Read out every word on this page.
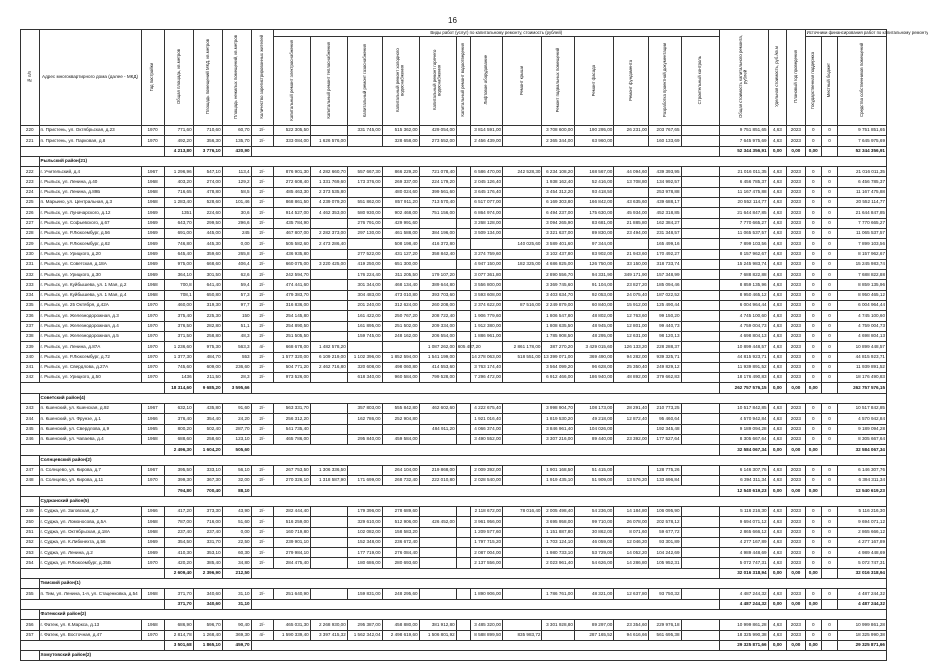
16
№ п/п	Адрес многоквартирного дома (далее - МКД)	Год постройки	Общая площадь, кв.метров	Площадь помещений МКД, кв.метров	Площадь нежилых помещений, кв.метров	Количество зарегистрированных жителей	Виды работ (услуг) по капитальному ремонту, стоимость (рублей)													Общая стоимость капитального ремонта, рублей	Удельная стоимость, руб./кв.м	Плановый год проведения	Источники финансирования работ по капитальному ремонту		
							Капитальный ремонт электроснабжения	Капитальный ремонт теплоснабжения	Капитальный ремонт газоснабжения	Капитальный ремонт холодного водоснабжения	Капитальный ремонт горячего водоснабжения	Капитальный ремонт водоотведения	Лифтовое оборудование	Ремонт крыши	Ремонт подвальных помещений	Ремонт фасада	Ремонт фундамента	Разработка проектной документации	Строительный контроль				Государственная поддержка	Местный бюджет	Средства собственников помещений
220	п. Пристень, ул. Октябрьская, д.23	1970	771,60	710,60	60,70	2/-	522 305,50		331 745,00	515 362,00	429 054,00		3 814 591,00		3 708 600,00	190 295,00	26 231,00	203 767,65		9 751 851,65	4,63	2023	0	0	9 751 851,65
221	п. Пристень, ул. Парковая, д.8	1970	492,20	356,30	135,70	2/-	333 084,00	1 626 576,00		328 658,00	273 552,00		2 456 439,00		2 365 344,00	63 960,00		160 133,69		7 645 975,69	4,63	2023	0	0	7 645 975,69
			4 213,80	3 776,10	420,90															52 344 356,91	0,00	0,00	0,00		52 344 356,91
	Рыльский район(21)																								
222	г. Учительский, д.4	1967	1 296,96	547,10	113,4	2/-	876 901,30	4 282 660,70	557 667,30	866 229,20	721 078,40		6 586 470,00	242 528,30	6 234 108,20	168 567,00	44 094,60	439 393,95		21 016 011,35	4,63	2023	0	0	21 016 011,35
223	г. Рыльск, ул. Ленина, д.40	1968	403,20	274,00	129,2	2/-	272 608,40	1 331 769,60	173 376,00	269 337,00	224 179,20		2 045 126,40		1 938 162,40	52 416,00	13 708,80	134 992,57		6 456 785,37	4,63	2023	0	0	6 456 785,37
224	г. Рыльск, ул. Ленина, д.89Б	1968	716,65	478,80	58,5	2/-	485 463,30	2 373 535,80		480 024,60	399 561,60		3 645 176,40		3 454 312,20	93 418,50		253 978,88		11 167 475,88	4,63	2023	0	0	11 167 475,88
225	п. Марьино, ул. Центральная, д.3	1968	1 283,40	528,60	101,46	2/-	868 861,50	4 239 079,20	551 862,00	857 911,20	713 570,40		6 517 077,00		6 169 303,80	166 842,00	43 635,60	439 688,17		20 552 114,77	4,63	2023	0	0	20 552 114,77
226	г. Рыльск, ул. Луначарского, д.12	1969	1351	224,60	30,6	2/-	914 527,00	4 462 353,00	580 930,00	902 468,00	751 156,00		6 864 974,00		6 494 237,00	175 630,00	45 934,00	452 318,85		21 644 847,85	4,63	2023	0	0	21 644 847,85
227	г. Рыльск, ул. Софьевского, д.67	1969	643,70	299,50	296,6	2/-	435 784,90		276 791,00	429 991,60			3 268 128,00		3 094 265,90	83 681,00	21 885,80	162 384,27		7 770 665,27	4,63	2023	0	0	7 770 665,27
228	г. Рыльск, ул. Р.Люксембург, д.56	1969	691,00	445,00	245	2/-	467 807,00	2 282 373,00	297 130,00	461 588,00	384 196,00		3 509 134,00		3 321 637,00	89 830,00	23 494,00	231 348,57		11 065 537,57	4,63	2023	0	0	11 065 537,57
229	г. Рыльск, ул. Р.Люксембург, д.62	1969	746,80	445,30	0,00	2/-	505 582,60	2 473 286,40		508 198,40	416 372,80			140 025,60	3 589 401,60	97 344,00		165 499,16		7 899 103,56	4,63	2023	0	0	7 899 103,56
230	г. Рыльск, ул. Урицкого, д.20	1969	645,40	359,60	265,8	2/-	436 935,80		277 522,00	431 127,20	358 842,40		3 274 759,60		3 102 437,80	83 902,00	21 943,60	170 492,27		8 157 962,67	4,63	2023	0	0	8 157 962,67
231	г. Рыльск, ул. Советская, д.18А	1969	975,00	668,60	406,4	2/-	660 075,00	3 220 425,00	419 250,00	651 300,00			4 947 150,00	182 325,00	4 686 825,00	126 750,00	33 150,00	318 733,74		15 245 983,74	4,63	2023	0	0	15 245 983,74
232	г. Рыльск, ул. Урицкого, д.30	1969	364,10	301,50	62,6	2/-	242 594,70		176 224,40	311 205,50	179 107,20		3 077 361,80		2 890 556,70	94 331,90	349 171,90	157 348,99		7 688 822,88	4,63	2023	0	0	7 688 822,88
233	г. Рыльск, ул. Куйбышева, ул. 1 Мая, д.2	1968	700,8	641,40	59,4	2/-	474 441,60		301 344,00	468 134,40	389 644,80		3 556 800,00		3 369 745,60	91 104,00	23 827,20	185 094,46		8 859 135,96	4,63	2023	0	0	8 859 135,96
234	г. Рыльск, ул. Куйбышева, ул. 1 Мая, д.4	1968	708,1	650,80	57,3	2/-	479 383,70		304 483,00	473 010,80	393 703,60		3 593 608,00		3 403 634,70	92 053,00	24 075,40	187 022,52		8 950 465,12	4,63	2023	0	0	8 950 465,12
235	г. Рыльск, ул. 25 Октября, д.42А	1970	460,00	319,30	97,7	2/-	316 836,00		201 240,00	312 624,00	260 208,00		2 374 622,00	87 516,00	2 249 879,00	60 840,00	15 912,00	125 490,44		6 004 964,44	4,63	2023	0	0	6 004 964,44
236	г. Рыльск, ул. Железнодорожная, д.3	1970	375,40	225,30	150	2/-	254 145,80		161 422,00	250 767,20	208 722,40		1 906 779,60		1 806 547,80	48 802,00	12 763,60	99 150,20		4 745 100,60	4,63	2023	0	0	4 745 100,60
237	г. Рыльск, ул. Железнодорожная, д.4	1970	376,50	282,80	51,1	2/-	254 890,50		161 895,00	251 502,00	209 334,00		1 912 380,00		1 808 635,50	48 945,00	12 801,00	99 440,73		4 759 004,73	4,63	2023	0	0	4 759 004,73
238	г. Рыльск, ул. Железнодорожная, д.5	1970	371,50	258,80	48,3	2/-	251 505,50		159 745,00	248 162,00	206 554,00		1 886 961,00		1 785 908,50	48 295,00	12 631,00	98 120,13		4 698 804,13	4,63	2023	0	0	4 698 804,13
239	г. Рыльск, ул. Ленина, д.87А	1970	1 236,60	975,30	563,3	4/-	668 678,00	1 482 578,20			1 087 262,00	605 487,20		2 861 178,00	387 270,20	3 429 015,60	126 133,20	228 288,37		10 899 448,57	4,63	2023	0	0	10 899 448,57
240	г. Рыльск, ул. Р.Люксембург, д.72	1970	1 377,30	484,70	553	2/-	1 577 320,00	6 109 219,00	1 102 396,00	1 852 594,00	1 541 199,00		14 278 063,00	518 551,00	13 399 071,00	369 490,00	94 282,00	939 325,71		44 815 923,71	4,63	2023	0	0	44 815 923,71
241	г. Рыльск, ул. Свердлова, д.27А	1970	745,60	609,00	236,60	2/-	504 771,20	2 462 716,80	320 608,00	498 060,80	414 553,60		3 763 174,40		3 564 099,20	96 628,00	25 350,40	249 829,12		11 939 891,52	4,63	2023	0	0	11 939 891,52
242	г. Рыльск, ул. Урицкого, д.50	1970	1436	211,50	28,3	2/-	973 526,00		618 340,00	960 584,00	799 528,00		7 296 472,00		6 912 466,00	186 940,00	48 892,00	379 662,83		18 176 490,83	4,63	2023	0	0	18 176 490,83
			18 314,60	9 685,20	3 595,66															262 757 576,15	0,00	0,00	0,00		262 757 576,15
	Советский район(4)																								
243	п. Кшенский, ул. Кшенская, д.92	1967	632,10	435,80	91,60	2/-	563 331,70		357 803,00	555 842,80	462 602,60		4 222 675,40		3 998 904,70	108 173,00	28 291,40	210 773,25		10 517 842,85	4,63	2023	0	0	10 517 842,85
244	п. Кшенский, ул. Фрунзе, д.1	1966	376,40	354,40	24,20	2/-	256 312,20		162 786,00	252 904,80			1 921 016,40		1 819 530,20	49 218,00	12 872,40	95 460,64		4 570 942,84	4,63	2023	0	0	4 570 942,84
245	п. Кшенский, ул. Свердлова, д.9	1965	800,20	502,40	287,70	2/-	541 735,40				484 911,20		4 066 374,00		3 846 961,40	104 026,00		192 345,48		9 189 094,28	4,63	2023	0	0	9 189 094,28
246	п. Кшенский, ул. Чапаева, д.4	1968	688,60	258,60	123,10	2/-	465 786,00		295 840,00	459 584,00			3 490 552,00		3 307 216,00	89 440,00	23 392,00	177 527,64		8 305 667,64	4,63	2023	0	0	8 305 667,64
			2 496,30	1 604,20	505,60															32 584 067,34	0,00	0,00	0,00		32 584 067,34
	Солнцевский район(2)																								
247	п. Солнцево, ул. Кирова, д.7	1967	395,50	333,10	56,10	2/-	267 753,50	1 306 336,50		264 104,00	219 868,00		2 009 392,00		1 901 168,50	51 415,00		128 775,26		6 146 307,76	4,63	2023	0	0	6 146 307,76
248	п. Солнцево, ул. Кирова, д.11	1970	399,30	367,30	32,00	2/-	270 326,10	1 318 587,90	171 699,00	268 732,40	222 010,80		2 028 540,00		1 919 435,10	51 909,00	13 576,20	133 696,84		6 394 311,34	4,63	2023	0	0	6 394 311,34
			794,80	700,40	88,10															12 540 619,23	0,00	0,00	0,00		12 540 619,23
	Суджанский район(5)																								
249	г. Суджа, ул. Заговская, д.7	1966	417,20	373,30	43,90	2/-	282 444,40		179 396,00	278 689,60			2 118 672,00	78 016,40	2 005 498,40	54 236,00	14 184,80	106 095,90		5 116 216,30	4,63	2023	0	0	5 116 216,30
250	г. Суджа, ул. Ломоносова, д.5А	1968	787,00	716,00	51,60	2/-	516 259,00		329 610,00	512 906,00	426 452,00		3 961 956,00		3 695 958,00	99 710,00	26 078,00	202 578,12		9 694 071,12	4,63	2023	0	0	9 694 071,12
251	г. Суджа, ул. Октябрьская, д.18А	1968	237,40	237,40	0,00	2/-	160 719,80		102 082,00	158 583,20			1 209 577,60		1 151 887,80	30 862,00	8 071,60	59 677,72		2 865 666,12	4,63	2023	0	0	2 865 666,12
252	г. Суджа, ул. К.Либкнехта, д.56	1969	354,50	331,70	22,50	2/-	239 901,10		152 348,00	236 672,40			1 797 715,20		1 703 124,10	46 059,00	12 046,20	93 301,89		4 277 167,89	4,63	2023	0	0	4 277 167,89
253	г. Суджа, ул. Ленина, д.2	1969	410,30	353,10	60,30	2/-	279 984,10		177 719,00	276 084,40			2 087 004,00		1 980 733,10	53 729,00	14 052,20	104 242,69		4 989 448,69	4,63	2023	0	0	4 989 448,69
254	г. Суджа, ул. Р.Люксембург, д.35Б	1970	420,20	385,40	34,80	2/-	284 475,40		180 686,00	280 693,60			2 137 556,00		2 023 961,40	54 626,00	14 286,80	105 952,31		5 072 747,31	4,63	2023	0	0	5 072 747,31
			2 609,40	2 396,90	212,50															32 016 318,94	0,00	0,00	0,00		32 016 318,94
	Тимский район(1)																								
255	п. Тим, ул. Ленина, 1-я, ул. Стаценковка, д.54	1968	371,70	340,60	31,10	2/-	251 640,90		159 831,00	248 295,60			1 890 906,00		1 786 761,00	48 321,00	12 637,80	93 750,32		4 487 244,32	4,63	2023	0	0	4 487 244,32
			371,70	340,60	31,10															4 487 244,32	0,00	0,00	0,00		4 487 244,32
	Фатежский район(2)																								
256	г. Фатеж, ул. К.Маркса, д.13	1968	686,90	596,70	90,40	2/-	465 031,30	2 268 930,00	295 387,00	458 880,00	381 912,80		3 485 320,00		3 301 928,80	89 297,00	23 354,60	229 976,18		10 999 861,28	4,63	2023	0	0	10 999 861,28
257	г. Фатеж, ул. Восточная, д.47	1970	2 814,78	1 268,40	369,30	4/-	1 590 339,40	3 397 415,32	1 562 342,04	2 498 619,60	1 506 801,92		8 588 899,50	835 983,72		287 165,52	94 616,66	561 695,38		18 325 990,38	4,63	2023	0	0	18 325 990,38
			3 501,68	1 865,10	459,70															29 325 871,66	0,00	0,00	0,00		29 325 871,66
	Хомутовский район(2)																								
